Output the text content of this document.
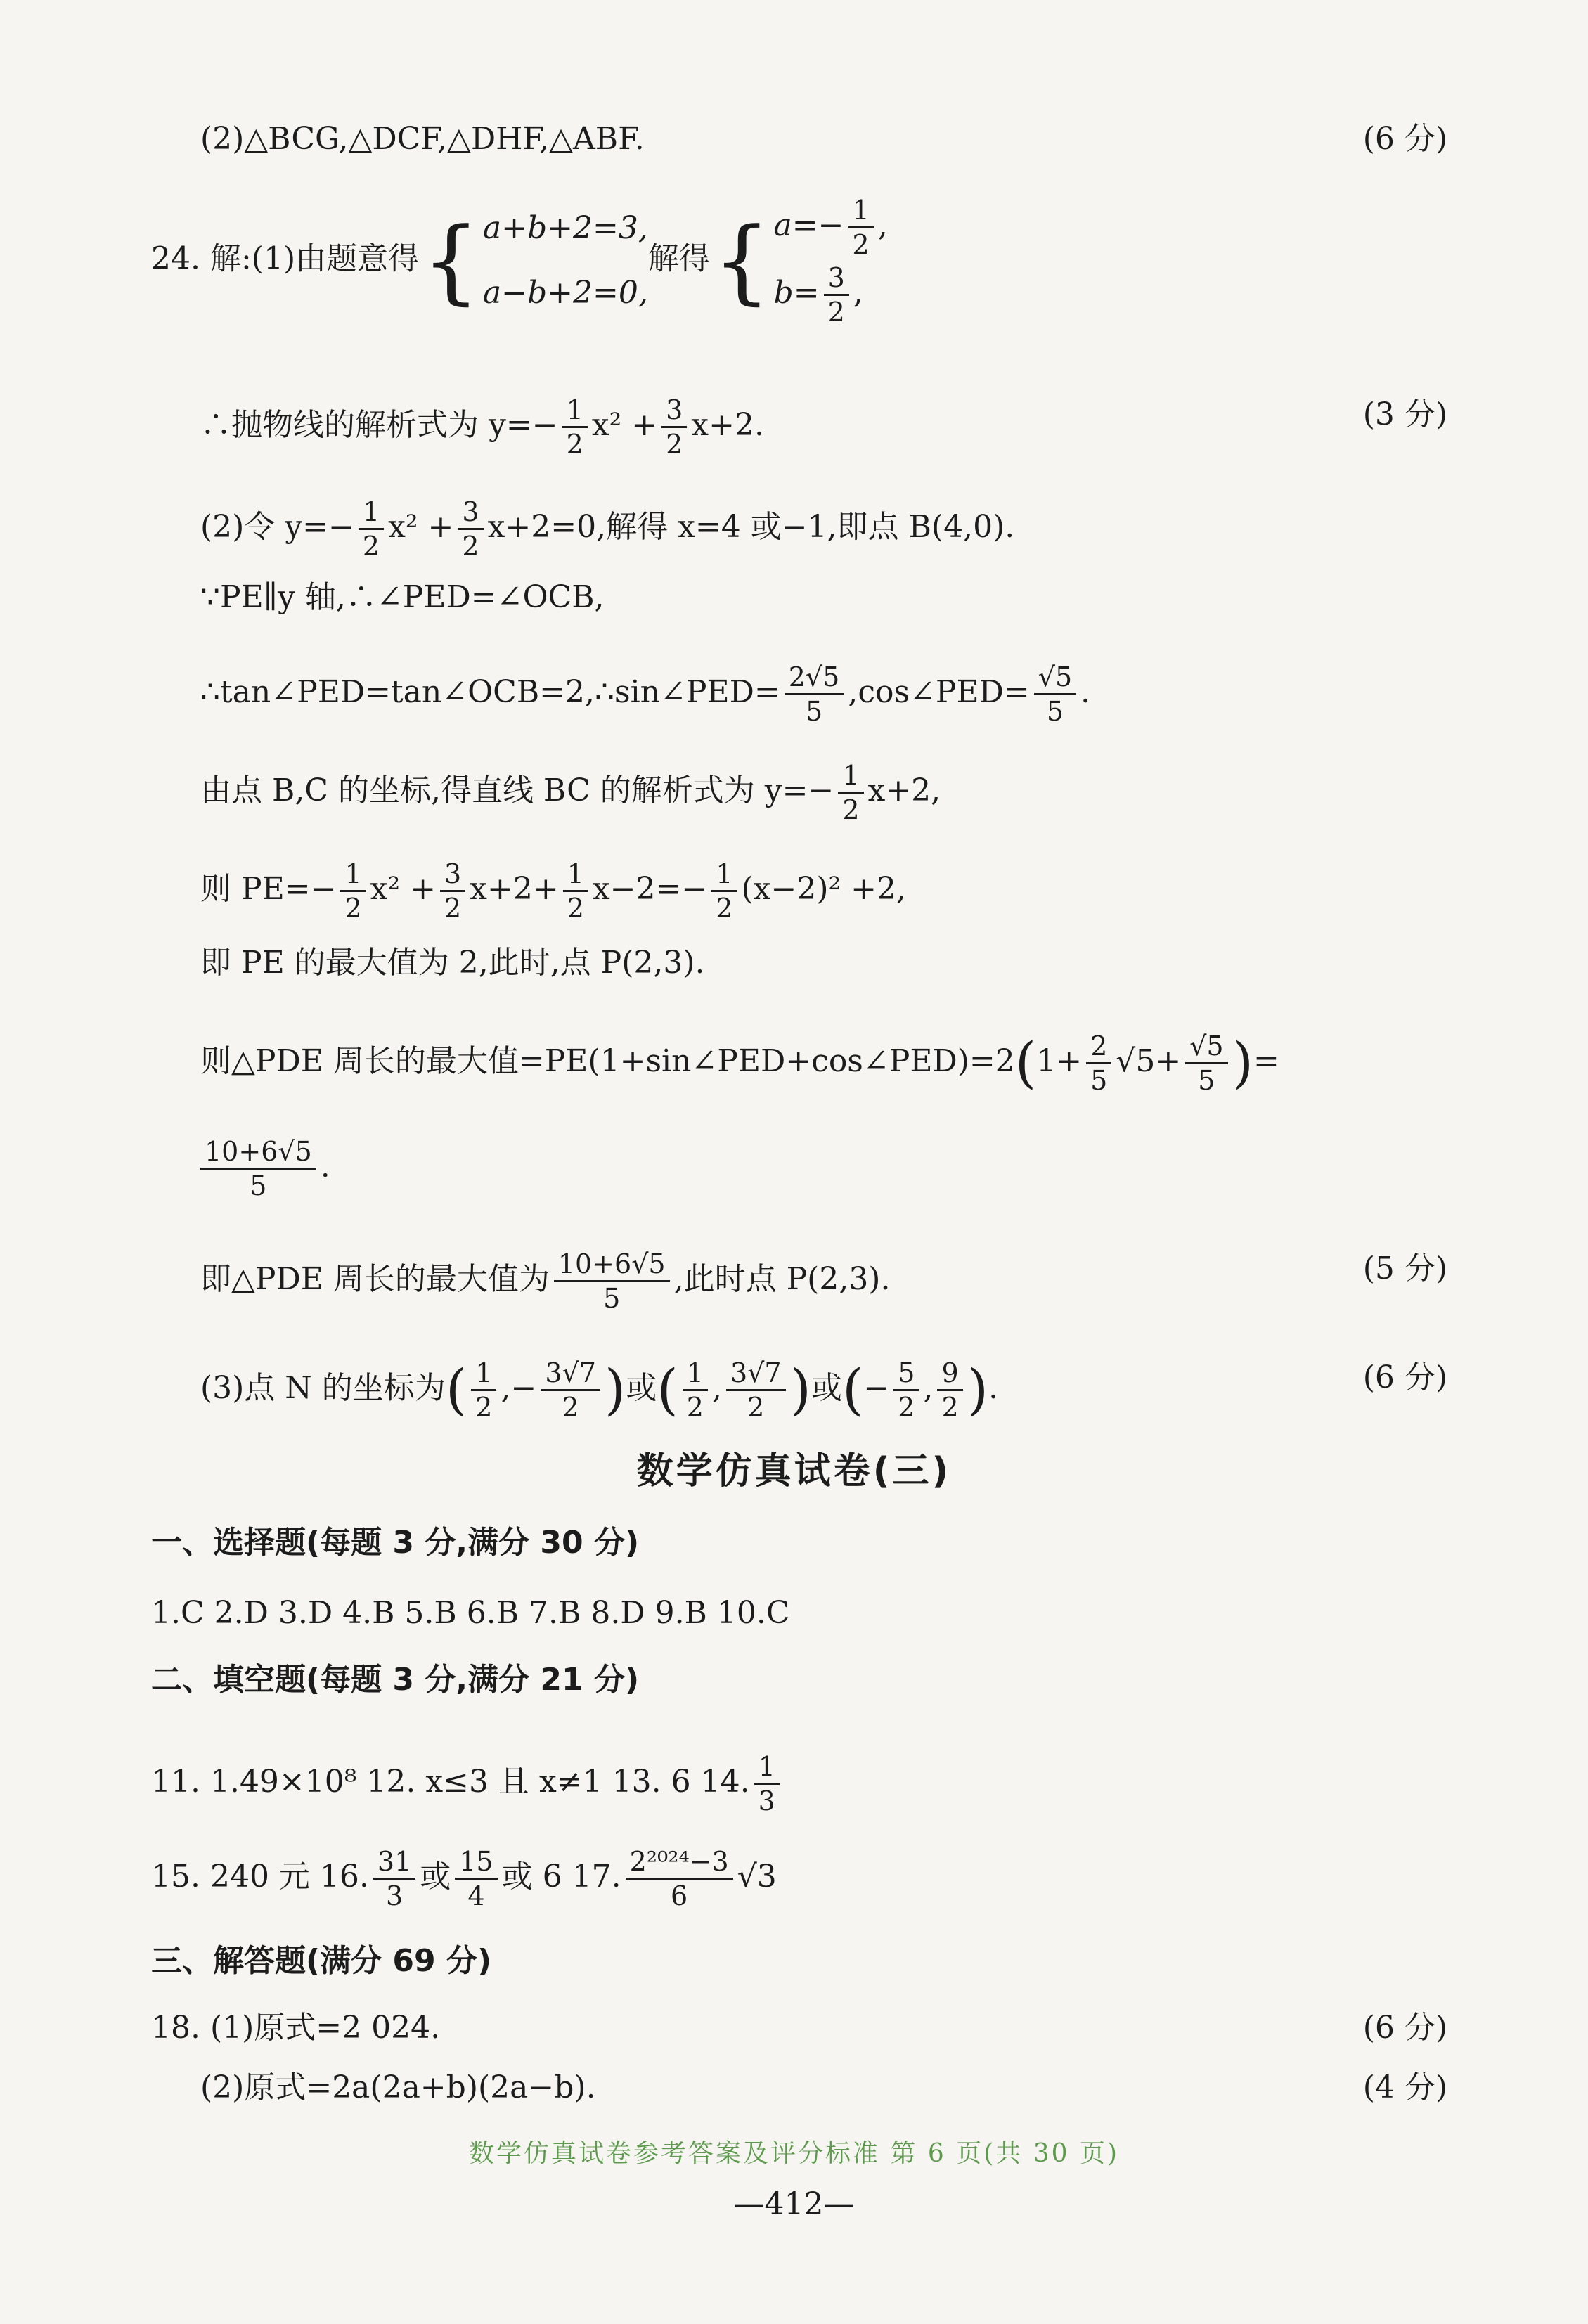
(2)△BCG,△DCF,△DHF,△ABF.	(6 分)
24. 解:(1)由题意得{ a+b+2=3,
a−b+2=0,
解得{ $a=- \frac{1}{2}$ ,
$b= \frac{3}{2}$ ,
∴抛物线的解析式为 $y=- \frac{1}{2} x^2 + \frac{3}{2} x+2$.	(3 分)
(2)令 $y=- \frac{1}{2} x^2 + \frac{3}{2} x+2=0$,解得 x=4 或−1,即点 B(4,0).
∵PE∥y 轴,∴∠PED=∠OCB,
∴tan∠PED=tan∠OCB=2,∴sin∠PED= $\frac{2√5}{5}$ ,cos∠PED= $\frac{√5}{5}$ .
由点 B,C 的坐标,得直线 BC 的解析式为 $y=- \frac{1}{2} x+2$,
则 $PE=- \frac{1}{2} x^2 + \frac{3}{2} x+2+ \frac{1}{2} x-2=- \frac{1}{2} (x-2)^2 +2$,
即 PE 的最大值为 2,此时,点 P(2,3).
则△PDE 周长的最大值=PE(1+sin∠PED+cos∠PED)=2(1+ $\frac{2}{5} √5+ \frac{√5}{5}$ )=
$\frac{10+6√5}{5}$ .
即△PDE 周长的最大值为 $\frac{10+6√5}{5}$ ,此时点 P(2,3).	(5 分)
(3)点 N 的坐标为( $\frac{1}{2}$ ,− $\frac{3√7}{2}$ )或( $\frac{1}{2}$ , $\frac{3√7}{2}$ )或(− $\frac{5}{2}$ , $\frac{9}{2}$ ).	(6 分)
数学仿真试卷(三)
一、选择题(每题 3 分,满分 30 分)
1.C 2.D 3.D 4.B 5.B 6.B 7.B 8.D 9.B 10.C
二、填空题(每题 3 分,满分 21 分)
11. 1.49×10⁸ 12. x≤3 且 x≠1 13. 6 14. $\frac{1}{3}$
15. 240 元 16. $\frac{31}{3}$ 或 $\frac{15}{4}$ 或 6 17. $\frac{\text{2²⁰²⁴−3}}{6} √3$
三、解答题(满分 69 分)
18. (1)原式=2 024.	(6 分)
(2)原式=2a(2a+b)(2a−b).	(4 分)
数学仿真试卷参考答案及评分标准 第 6 页(共 30 页)
—412—
